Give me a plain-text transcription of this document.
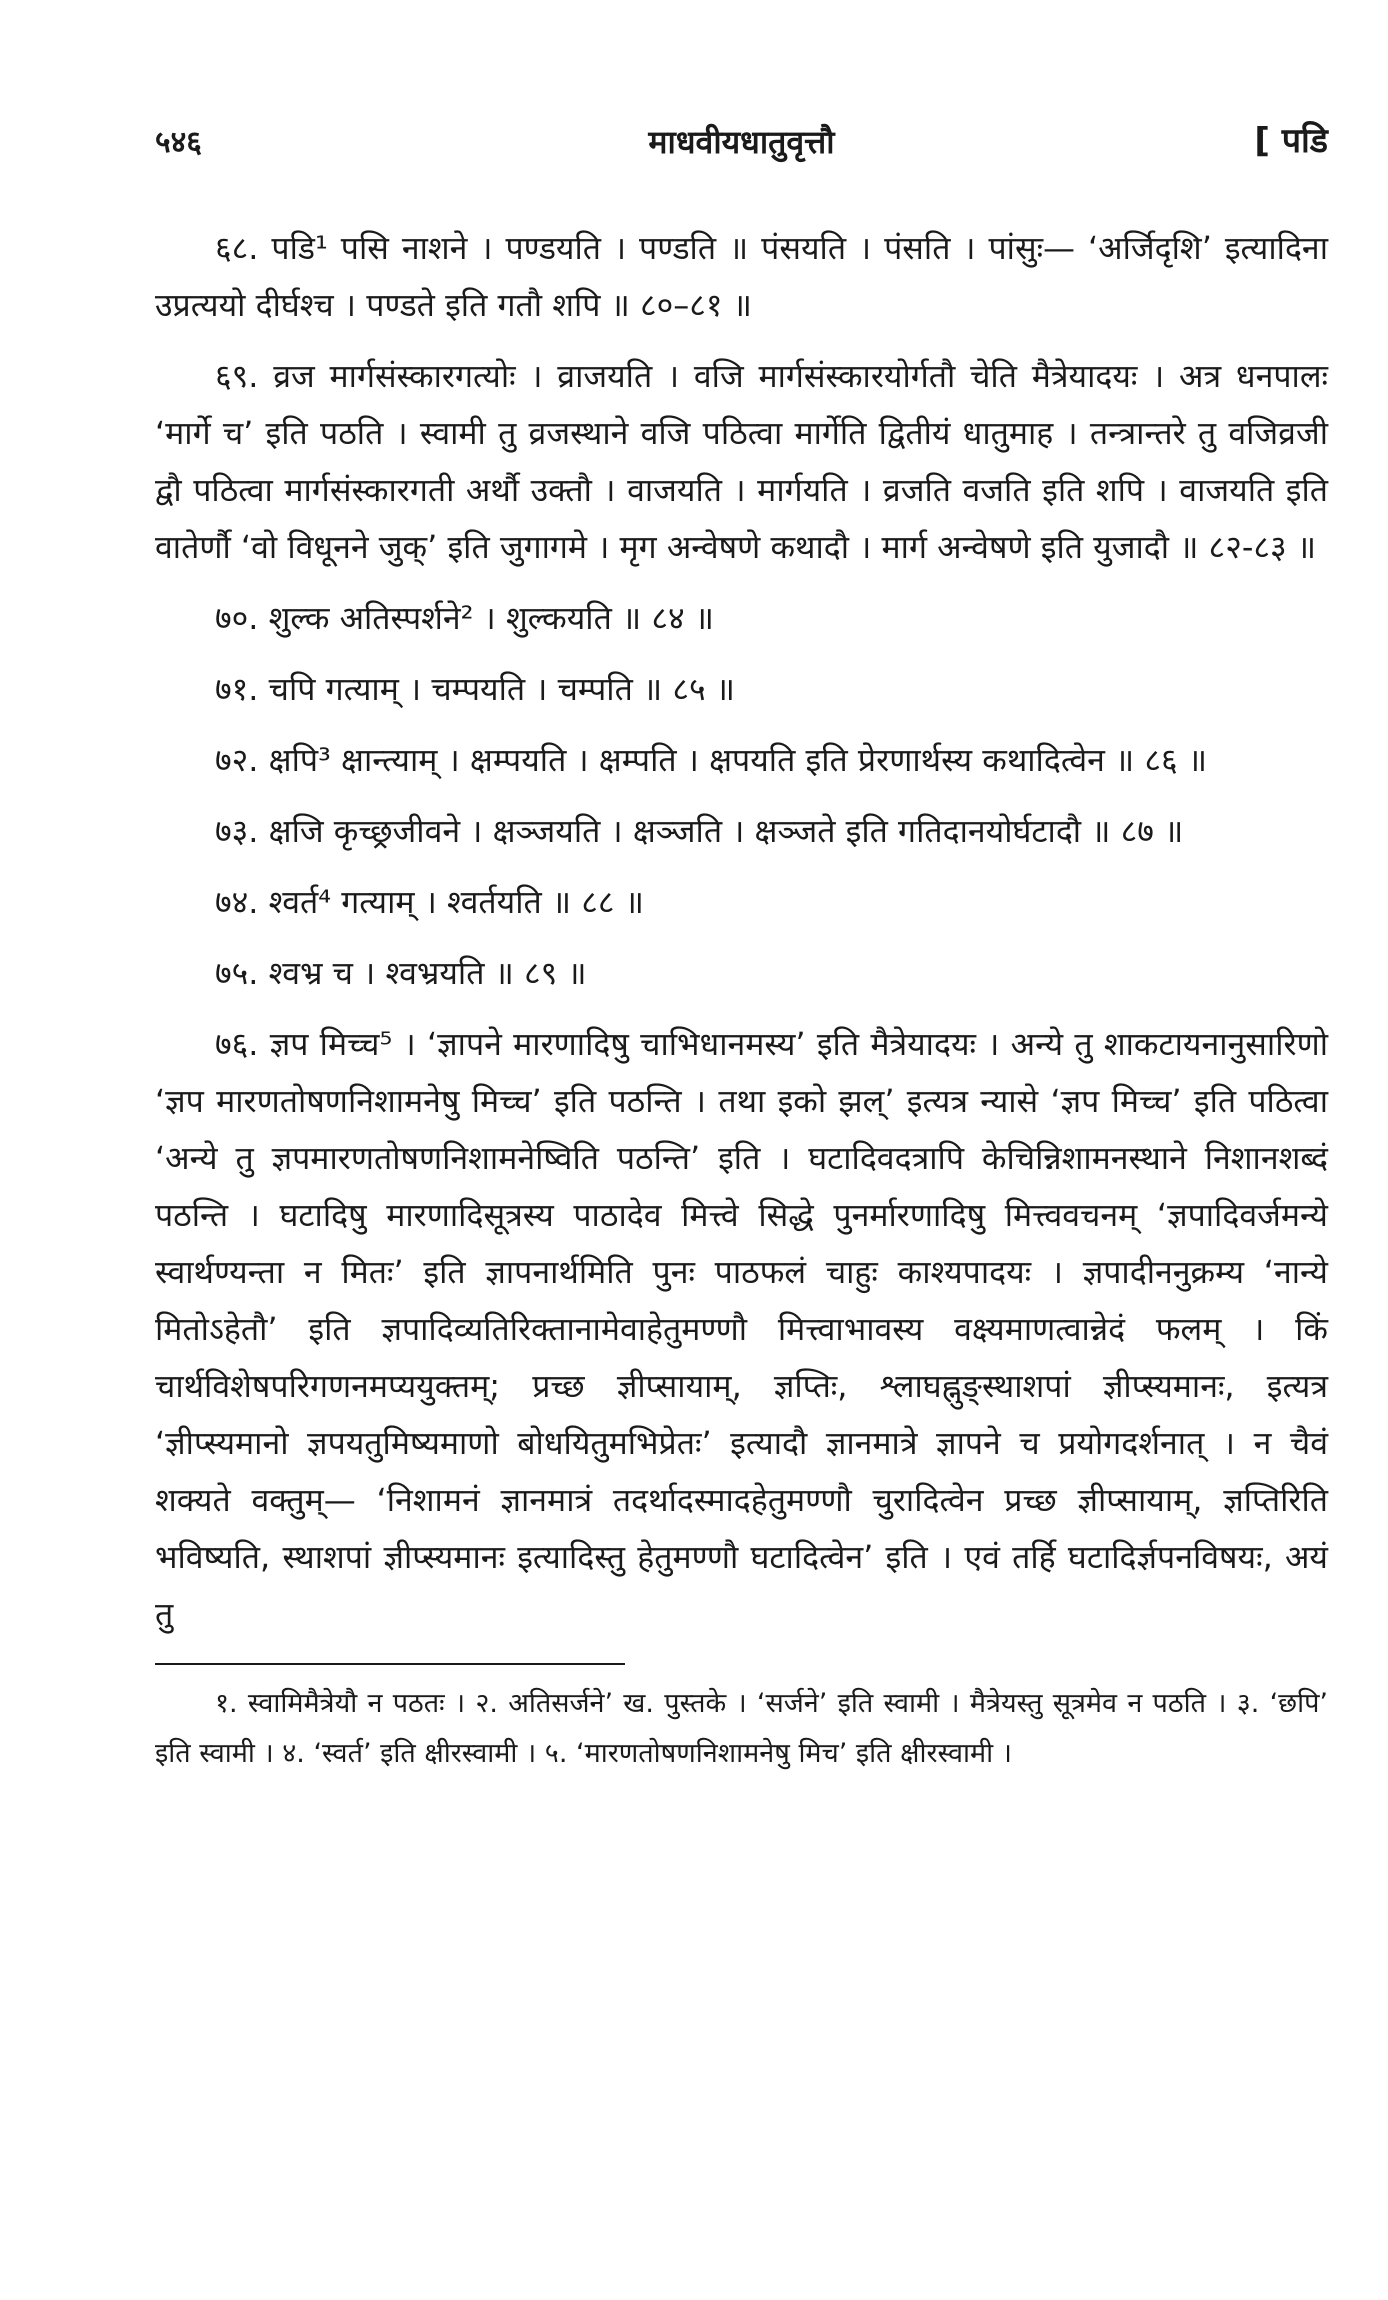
५४६	माधवीयधातुवृत्तौ	[ पडि

६८. पडि¹ पसि नाशने । पण्डयति । पण्डति ॥ पंसयति । पंसति । पांसुः— ‘अर्जिदृशि’ इत्यादिना उप्रत्ययो दीर्घश्च । पण्डते इति गतौ शपि ॥ ८०–८१ ॥

६९. व्रज मार्गसंस्कारगत्योः । व्राजयति । वजि मार्गसंस्कारयोर्गतौ चेति मैत्रेयादयः । अत्र धनपालः ‘मार्गे च’ इति पठति । स्वामी तु व्रजस्थाने वजि पठित्वा मार्गेति द्वितीयं धातुमाह । तन्त्रान्तरे तु वजिव्रजी द्वौ पठित्वा मार्गसंस्कारगती अर्थौ उक्तौ । वाजयति । मार्गयति । व्रजति वजति इति शपि । वाजयति इति वातेर्णौ ‘वो विधूनने जुक्’ इति जुगागमे । मृग अन्वेषणे कथादौ । मार्ग अन्वेषणे इति युजादौ ॥ ८२-८३ ॥

७०. शुल्क अतिस्पर्शने² । शुल्कयति ॥ ८४ ॥

७१. चपि गत्याम् । चम्पयति । चम्पति ॥ ८५ ॥

७२. क्षपि³ क्षान्त्याम् । क्षम्पयति । क्षम्पति । क्षपयति इति प्रेरणार्थस्य कथादित्वेन ॥ ८६ ॥

७३. क्षजि कृच्छ्रजीवने । क्षञ्जयति । क्षञ्जति । क्षञ्जते इति गतिदानयोर्घटादौ ॥ ८७ ॥

७४. श्वर्त⁴ गत्याम् । श्वर्तयति ॥ ८८ ॥

७५. श्वभ्र च । श्वभ्रयति ॥ ८९ ॥

७६. ज्ञप मिच्च⁵ । ‘ज्ञापने मारणादिषु चाभिधानमस्य’ इति मैत्रेयादयः । अन्ये तु शाकटायनानुसारिणो ‘ज्ञप मारणतोषणनिशामनेषु मिच्च’ इति पठन्ति । तथा इको झल्’ इत्यत्र न्यासे ‘ज्ञप मिच्च’ इति पठित्वा ‘अन्ये तु ज्ञपमारणतोषणनिशामनेष्विति पठन्ति’ इति । घटादिवदत्रापि केचिन्निशामनस्थाने निशानशब्दं पठन्ति । घटादिषु मारणादिसूत्रस्य पाठादेव मित्त्वे सिद्धे पुनर्मारणादिषु मित्त्ववचनम् ‘ज्ञपादिवर्जमन्ये स्वार्थण्यन्ता न मितः’ इति ज्ञापनार्थमिति पुनः पाठफलं चाहुः काश्यपादयः । ज्ञपादीननुक्रम्य ‘नान्ये मितोऽहेतौ’ इति ज्ञपादिव्यतिरिक्तानामेवाहेतुमण्णौ मित्त्वाभावस्य वक्ष्यमाणत्वान्नेदं फलम् । किं चार्थविशेषपरिगणनमप्ययुक्तम्; प्रच्छ ज्ञीप्सायाम्, ज्ञप्तिः, श्लाघह्नुङ्स्थाशपां ज्ञीप्स्यमानः, इत्यत्र ‘ज्ञीप्स्यमानो ज्ञपयतुमिष्यमाणो बोधयितुमभिप्रेतः’ इत्यादौ ज्ञानमात्रे ज्ञापने च प्रयोगदर्शनात् । न चैवं शक्यते वक्तुम्— ‘निशामनं ज्ञानमात्रं तदर्थादस्मादहेतुमण्णौ चुरादित्वेन प्रच्छ ज्ञीप्सायाम्, ज्ञप्तिरिति भविष्यति, स्थाशपां ज्ञीप्स्यमानः इत्यादिस्तु हेतुमण्णौ घटादित्वेन’ इति । एवं तर्हि घटादिर्ज्ञपनविषयः, अयं तु

१. स्वामिमैत्रेयौ न पठतः । २. अतिसर्जने’ ख. पुस्तके । ‘सर्जने’ इति स्वामी । मैत्रेयस्तु सूत्रमेव न पठति । ३. ‘छपि’ इति स्वामी । ४. ‘स्वर्त’ इति क्षीरस्वामी । ५. ‘मारणतोषणनिशामनेषु मिच’ इति क्षीरस्वामी ।
